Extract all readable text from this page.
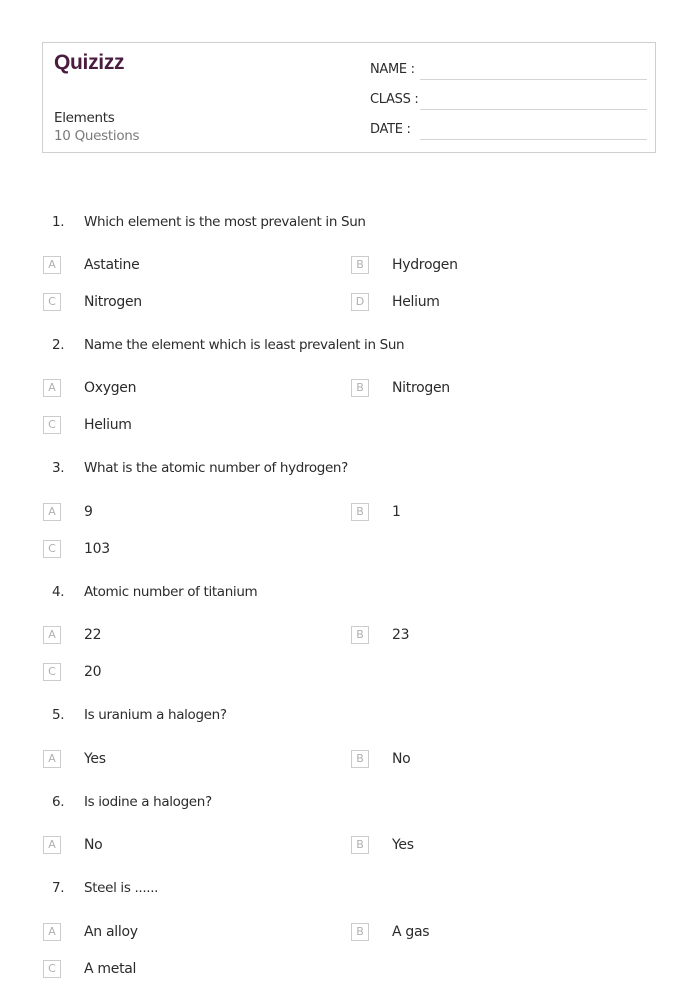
Quizizz
Elements
10 Questions
NAME :
CLASS :
DATE :
1. Which element is the most prevalent in Sun
A	Astatine	B	Hydrogen
C	Nitrogen	D	Helium
2. Name the element which is least prevalent in Sun
A	Oxygen	B	Nitrogen
C	Helium
3. What is the atomic number of hydrogen?
A	9	B	1
C	103
4. Atomic number of titanium
A	22	B	23
C	20
5. Is uranium a halogen?
A	Yes	B	No
6. Is iodine a halogen?
A	No	B	Yes
7. Steel is ......
A	An alloy	B	A gas
C	A metal
